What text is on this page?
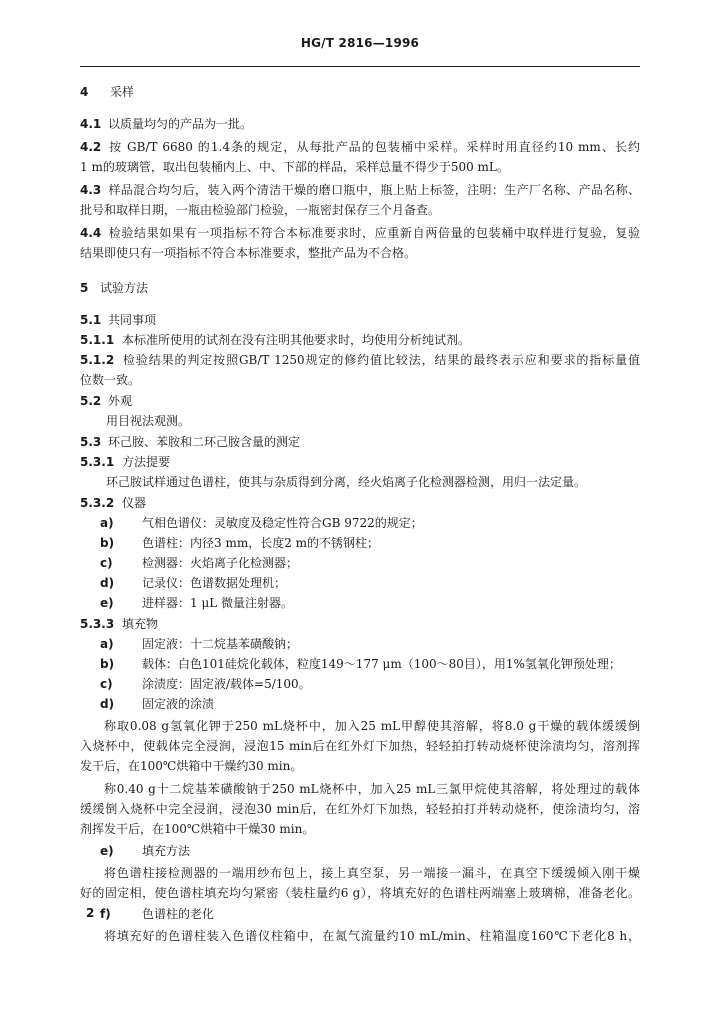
HG/T 2816—1996
4 采样
4.1 以质量均匀的产品为一批。
4.2 按 GB/T 6680 的1.4条的规定，从每批产品的包装桶中采样。采样时用直径约10 mm、长约
1 m的玻璃管，取出包装桶内上、中、下部的样品，采样总量不得少于500 mL。
4.3 样品混合均匀后，装入两个清洁干燥的磨口瓶中，瓶上贴上标签，注明：生产厂名称、产品名称、
批号和取样日期，一瓶由检验部门检验，一瓶密封保存三个月备查。
4.4 检验结果如果有一项指标不符合本标准要求时，应重新自两倍量的包装桶中取样进行复验，复验
结果即使只有一项指标不符合本标准要求，整批产品为不合格。
5 试验方法
5.1 共同事项
5.1.1 本标准所使用的试剂在没有注明其他要求时，均使用分析纯试剂。
5.1.2 检验结果的判定按照GB/T 1250规定的修约值比较法，结果的最终表示应和要求的指标量值
位数一致。
5.2 外观
用目视法观测。
5.3 环己胺、苯胺和二环己胺含量的测定
5.3.1 方法提要
环己胺试样通过色谱柱，使其与杂质得到分离，经火焰离子化检测器检测，用归一法定量。
5.3.2 仪器
a) 气相色谱仪：灵敏度及稳定性符合GB 9722的规定；
b) 色谱柱：内径3 mm，长度2 m的不锈钢柱；
c) 检测器：火焰离子化检测器；
d) 记录仪：色谱数据处理机；
e) 进样器：1 μL 微量注射器。
5.3.3 填充物
a) 固定液：十二烷基苯磺酸钠；
b) 载体：白色101硅烷化载体，粒度149～177 μm（100～80目），用1%氢氧化钾预处理；
c) 涂渍度：固定液/载体=5/100。
d) 固定液的涂渍
称取0.08 g氢氧化钾于250 mL烧杯中，加入25 mL甲醇使其溶解，将8.0 g干燥的载体缓缓倒
入烧杯中，使载体完全浸润，浸泡15 min后在红外灯下加热，轻轻拍打转动烧杯使涂渍均匀，溶剂挥
发干后，在100℃烘箱中干燥约30 min。
称0.40 g十二烷基苯磺酸钠于250 mL烧杯中，加入25 mL三氯甲烷使其溶解，将处理过的载体
缓缓倒入烧杯中完全浸润，浸泡30 min后，在红外灯下加热，轻轻拍打并转动烧杯，使涂渍均匀，溶
剂挥发干后，在100℃烘箱中干燥30 min。
e) 填充方法
将色谱柱接检测器的一端用纱布包上，接上真空泵，另一端接一漏斗，在真空下缓缓倾入刚干燥
好的固定相，使色谱柱填充均匀紧密（装柱量约6 g），将填充好的色谱柱两端塞上玻璃棉，准备老化。
f)	色谱柱的老化
将填充好的色谱柱装入色谱仪柱箱中，在氮气流量约10 mL/min、柱箱温度160℃下老化8 h，
2
